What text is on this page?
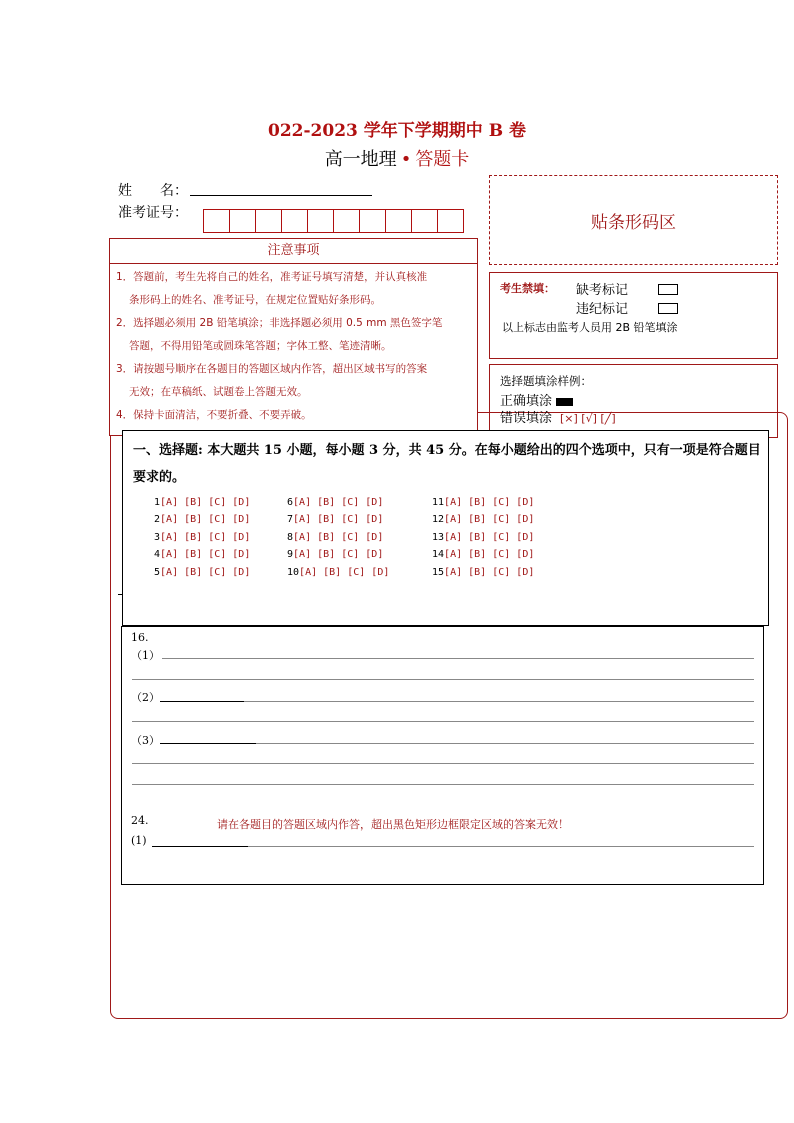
022-2023 学年下学期期中 B 卷
高一地理 • 答题卡
姓　　名：
准考证号：	贴条形码区
注意事项
1．答题前，考生先将自己的姓名，准考证号填写清楚，并认真核准
条形码上的姓名、准考证号，在规定位置贴好条形码。
2．选择题必须用 2B 铅笔填涂；非选择题必须用 0.5 mm 黑色签字笔
答题，不得用铅笔或圆珠笔答题；字体工整、笔迹清晰。
3．请按题号顺序在各题目的答题区域内作答，超出区域书写的答案
无效；在草稿纸、试题卷上答题无效。
4．保持卡面清洁，不要折叠、不要弄破。
考生禁填： 缺考标记
违纪标记
以上标志由监考人员用 2B 铅笔填涂
选择题填涂样例：
正确填涂
错误填涂 [×] [√] [╱]
一、选择题: 本大题共 15 小题，每小题 3 分，共 45 分。在每小题给出的四个选项中，只有一项是符合题目要求的。
1[A] [B] [C] [D]
2[A] [B] [C] [D]
3[A] [B] [C] [D]
4[A] [B] [C] [D]
5[A] [B] [C] [D]
6[A] [B] [C] [D]
7[A] [B] [C] [D]
8[A] [B] [C] [D]
9[A] [B] [C] [D]
10[A] [B] [C] [D]
11[A] [B] [C] [D]
12[A] [B] [C] [D]
13[A] [B] [C] [D]
14[A] [B] [C] [D]
15[A] [B] [C] [D]
16.
（1）
（2）
（3）
24.	请在各题目的答题区域内作答，超出黑色矩形边框限定区域的答案无效！
(1)
